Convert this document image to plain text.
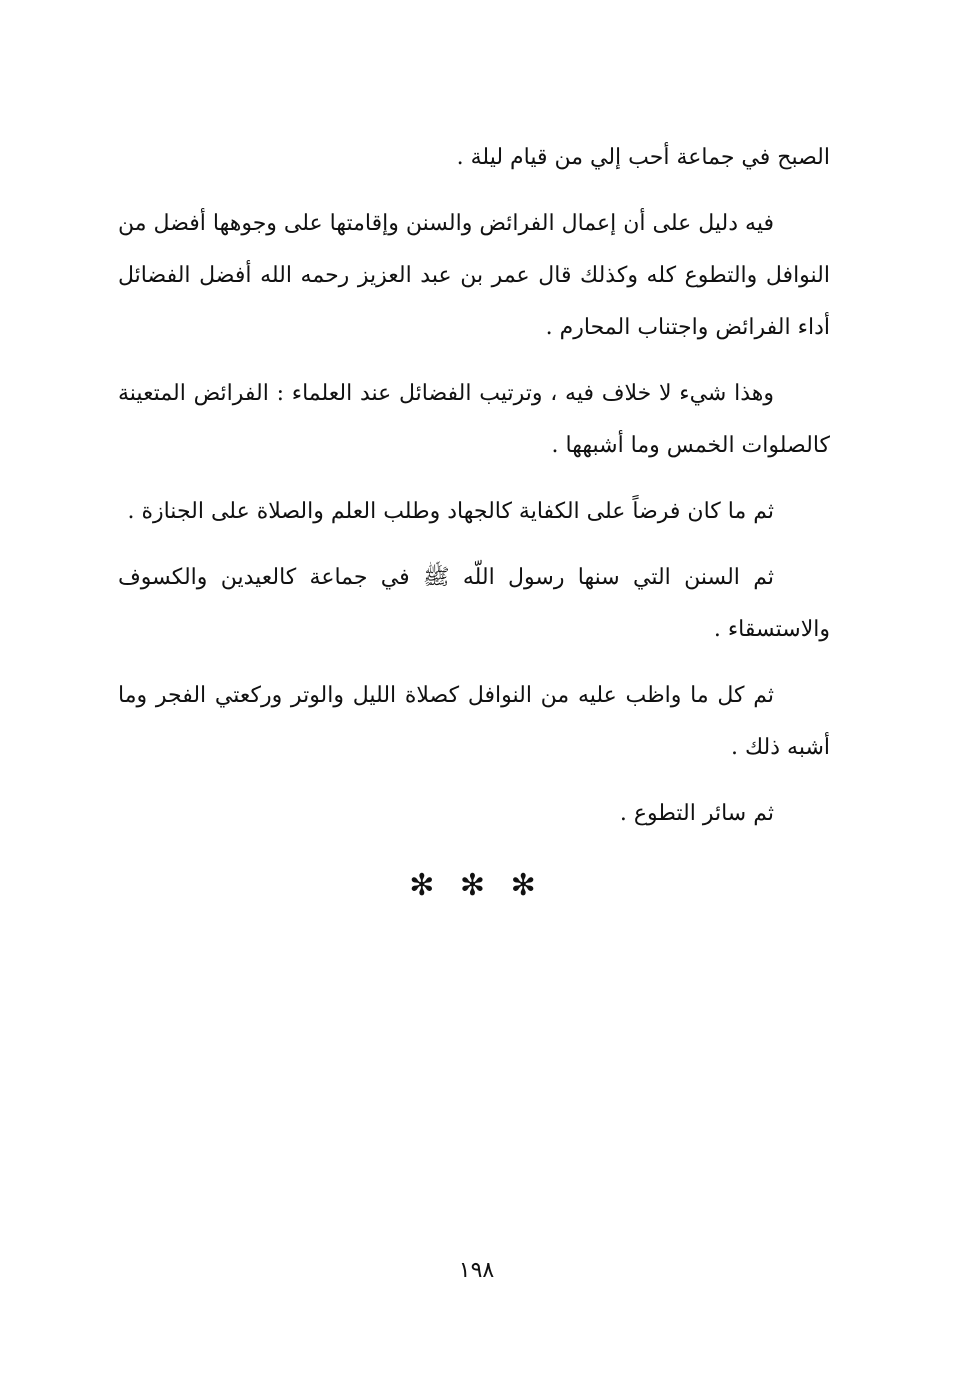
الصبح في جماعة أحب إلي من قيام ليلة .

فيه دليل على أن إعمال الفرائض والسنن وإقامتها على وجوهها أفضل من النوافل والتطوع كله وكذلك قال عمر بن عبد العزيز رحمه الله أفضل الفضائل أداء الفرائض واجتناب المحارم .

وهذا شيء لا خلاف فيه ، وترتيب الفضائل عند العلماء : الفرائض المتعينة كالصلوات الخمس وما أشبهها .

ثم ما كان فرضاً على الكفاية كالجهاد وطلب العلم والصلاة على الجنازة .

ثم السنن التي سنها رسول اللّه ﷺ في جماعة كالعيدين والكسوف والاستسقاء .

ثم كل ما واظب عليه من النوافل كصلاة الليل والوتر وركعتي الفجر وما أشبه ذلك .

ثم سائر التطوع .

✻ ✻ ✻
١٩٨
